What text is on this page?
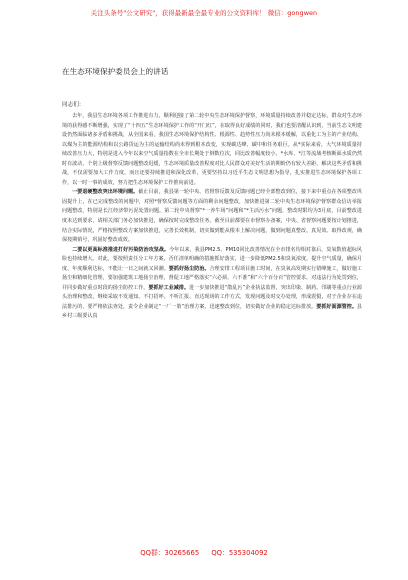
关注头条号"公文研究"，获得最新最全最专业的公文资料库！ 微信：gongwen
在生态环境保护委员会上的讲话
同志们：

去年，我县生态环境各项工作推进有力，顺利迎接了第二轮中央生态环境保护督察，环境质量持续改善并稳定达标，群众对生态环境的获得感不断增强，实现了“十四五”生态环境保护工作的“开门红”，在取得良好成绩的同时，我们也要清醒认识到，当前生态文明建设仍然面临诸多矛盾和挑战，从全国来看，我国生态环境保护结构性、根源性、趋势性压力尚未根本缓解，以重化工为主的产业结构、以煤为主的能源结构和以公路货运为主的运输结构尚未得到根本改变，实现碳达峰、碳中和任务艰巨。从*实际来看，大气环境质量持续改善压力大，特别是进入今年以来空气质量指数在全市长期处于倒数位次，同比改善幅度较小，*水库、*江等流域考核断面水质仍然时有波动，个别上级督察反馈问题整改迟缓，生态环境质量改善程度对比人民群众对美好生活的期盼仍有较大差距，解决这些矛盾和挑战，不仅需要加大工作力度，而且还要持续推进和深化改革，更要坚持以习近平生态文明思想为指导，扎实推进生态环境保护各项工作，以一时一事的成效，努力把生态环境保护工作推向前进。

一要退硬整改突出环境问题。截止目前，我县第一轮中央、省督察反馈及反馈问题已经全部整改到位，接下来中重点在各项整改巩固提升上，在已完成整改的问题中，对照*督察反馈问题等方面的剩余问题整改，加快推进第二轮中央生态环境保护督察群众信访举报问题整改，特别是长江经济带污泥处置问题。第二轮中央督察“*一养牛场”问题和“*主活污水”问题，整改时限均为3月底，目前整改进度未达到要求，请相关部门务必加快推进，确保按时完成整改任务。截至目前都要在市督察办备案，中央、省督察问题要按计划推进，结合实际情况，严格按照整改方案加快推进，完善长效机制，切实做到能从根本上解决问题，做到问题真整改、真见效、取得改观，确保按期销号，巩固好整改成效。

二要以更高标准推进打好污染防治攻坚战。今年以来，我县PM2.5、PM10同比改善情况在全市排名均相对靠后，臭氧数值超标风险也持续增大。对此，要按照责任分工年方案，否任清单明确的措施抓好落实，进一步降低PM2.5和臭氧浓度，提升空气质量，确保月度、年度顺利达标，不能让一日之间就又回潮。要抓好扬尘防治。合理安排工程项目施工时间，在臭氧高发期实行错峰施工，做好施工扬尘和精细化管理，要加强建筑工地扬尘治理，督促工地严格落实“六必须、六不准”和“六个百分百”管控要求，对违法行为处罚到位，并同步做好重点时段的扬尘防控工作。要抓好工业减排。进一步加快推进“散乱污”企业执法监督，突出印染、制药、印刷等重点行业源头治理和整改，继续采取不发通知、不打招呼、不听汇报、直达现场的工作方式，发现问题及时交办处理，形成震慑，对于企业存在违法排污的，要严格依法查处，责令企业制定“一厂一策”治理方案，迅速整改到位，切实做好企业的稳定达标排放。要抓好面源管控。县乡村三级要认真

QQ群：30265665 QQ：535304092
